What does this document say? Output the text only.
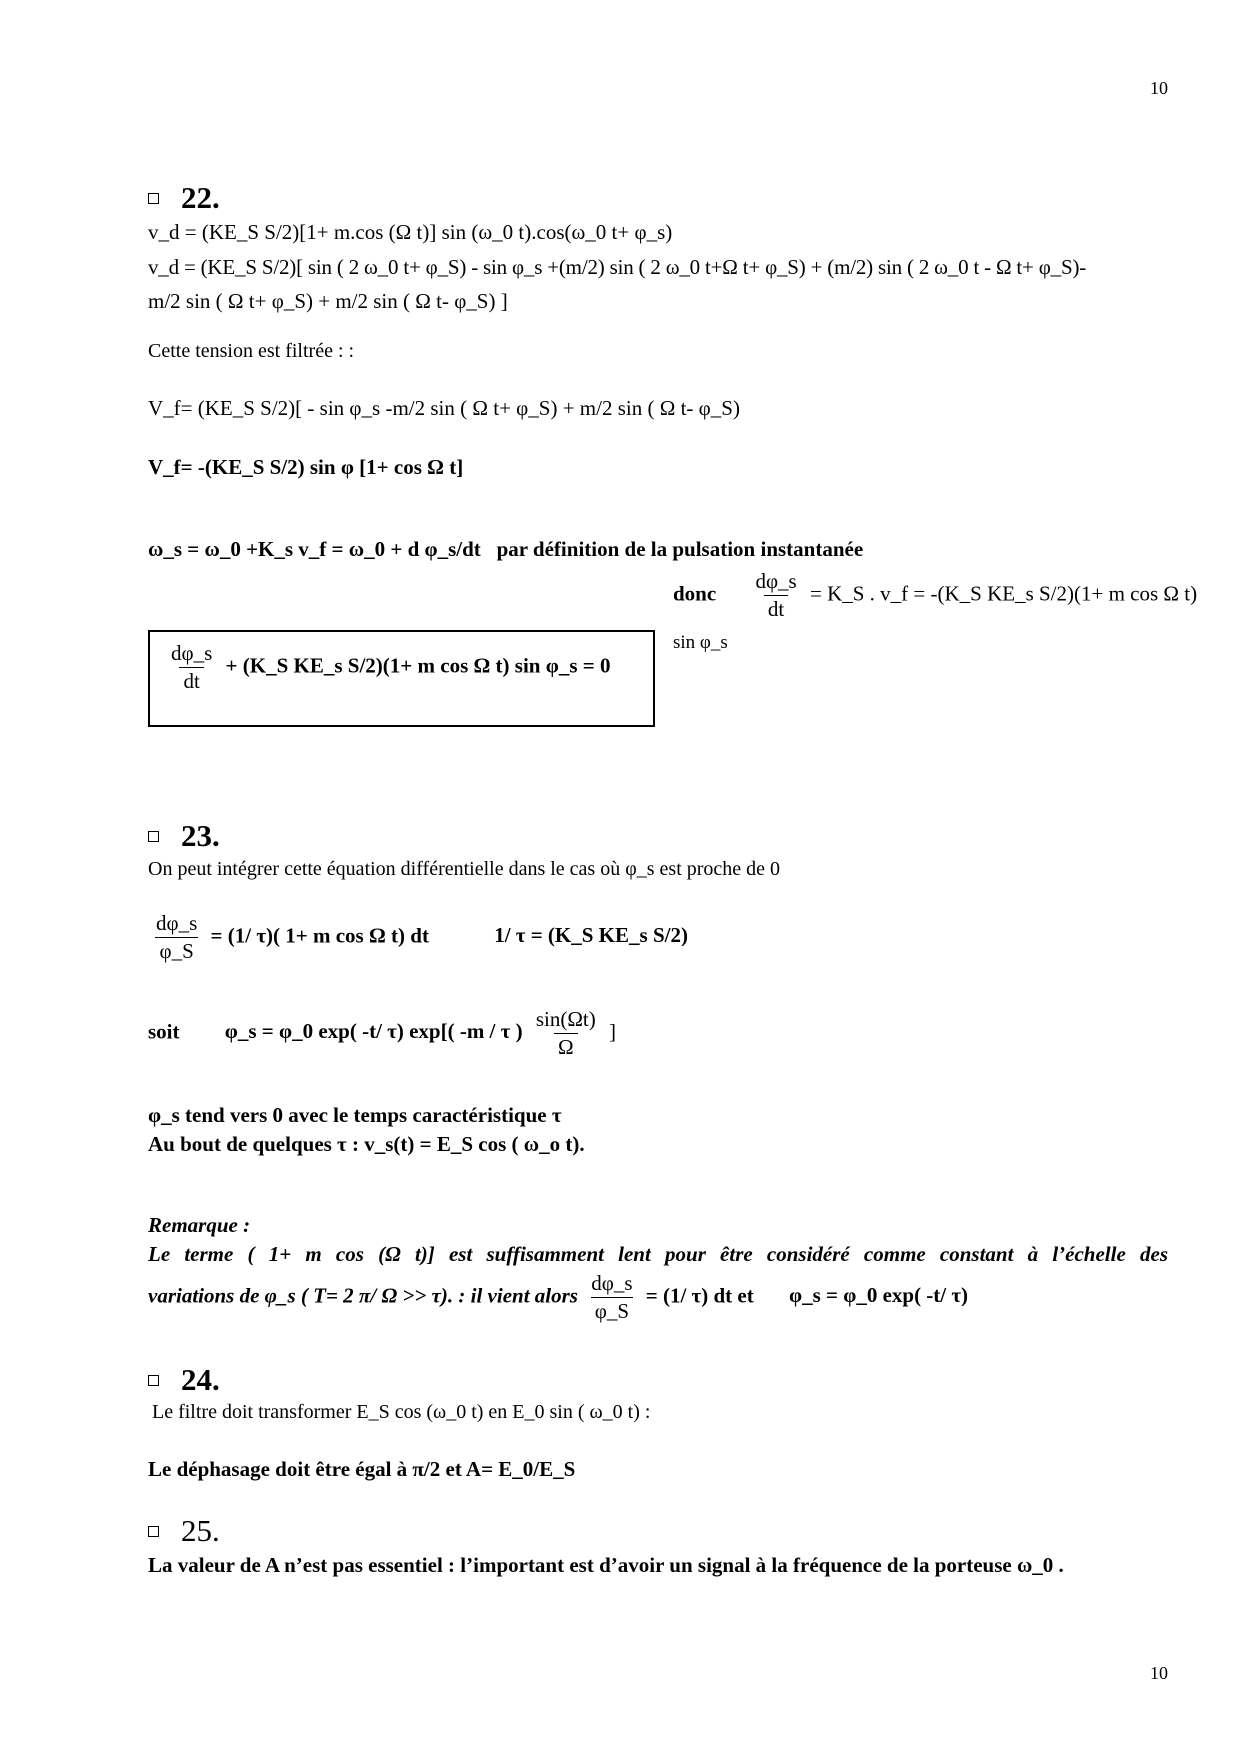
10
22.
v_d = (KE_S S/2)[1+ m.cos (Ω t)] sin (ω_0 t).cos(ω_0 t+ φ_s)
v_d = (KE_S S/2)[ sin ( 2 ω_0 t+ φ_S) - sin φ_s +(m/2) sin ( 2 ω_0 t+Ω t+ φ_S) + (m/2) sin ( 2 ω_0 t - Ω t+ φ_S)-
m/2 sin ( Ω t+ φ_S) + m/2 sin ( Ω t- φ_S) ]
Cette tension est filtrée : :
V_f= (KE_S S/2)[ - sin φ_s -m/2 sin ( Ω t+ φ_S) + m/2 sin ( Ω t- φ_S)
V_f= -(KE_S S/2) sin φ [1+ cos Ω t]
ω_s = ω_0 +K_s v_f = ω_0 + d φ_s/dt par définition de la pulsation instantanée
donc $\frac{d\varphi\_s}{dt}$ = K_S . v_f = -(K_S KE_s S/2)(1+ m cos Ω t)
sin φ_s
$\frac{d\varphi\_s}{dt}$ + (K_S KE_s S/2)(1+ m cos Ω t) sin φ_s = 0
23.
On peut intégrer cette équation différentielle dans le cas où φ_s est proche de 0
$\frac{d\varphi\_s}{\varphi\_S} = (1/$ τ)( 1+ m cos Ω t) dt	1/ τ = (K_S KE_s S/2)
soit φ_s = φ_0 exp( -t/ τ) exp[( -m / τ ) $\frac{\sin(\Omega t)}{\Omega}$ ]
φ_s tend vers 0 avec le temps caractéristique τ
Au bout de quelques τ : v_s(t) = E_S cos ( ω_o t).
Remarque :
Le terme ( 1+ m cos (Ω t)] est suffisamment lent pour être considéré comme constant à l’échelle des
variations de φ_s ( T= 2 π/ Ω >> τ). : il vient alors $\frac{d\varphi\_s}{\varphi\_S} = (1/$ τ) dt et φ_s = φ_0 exp( -t/ τ)
24.
Le filtre doit transformer E_S cos (ω_0 t) en E_0 sin ( ω_0 t) :
Le déphasage doit être égal à π/2 et A= E_0/E_S
25.
La valeur de A n’est pas essentiel : l’important est d’avoir un signal à la fréquence de la porteuse ω_0 .
10
